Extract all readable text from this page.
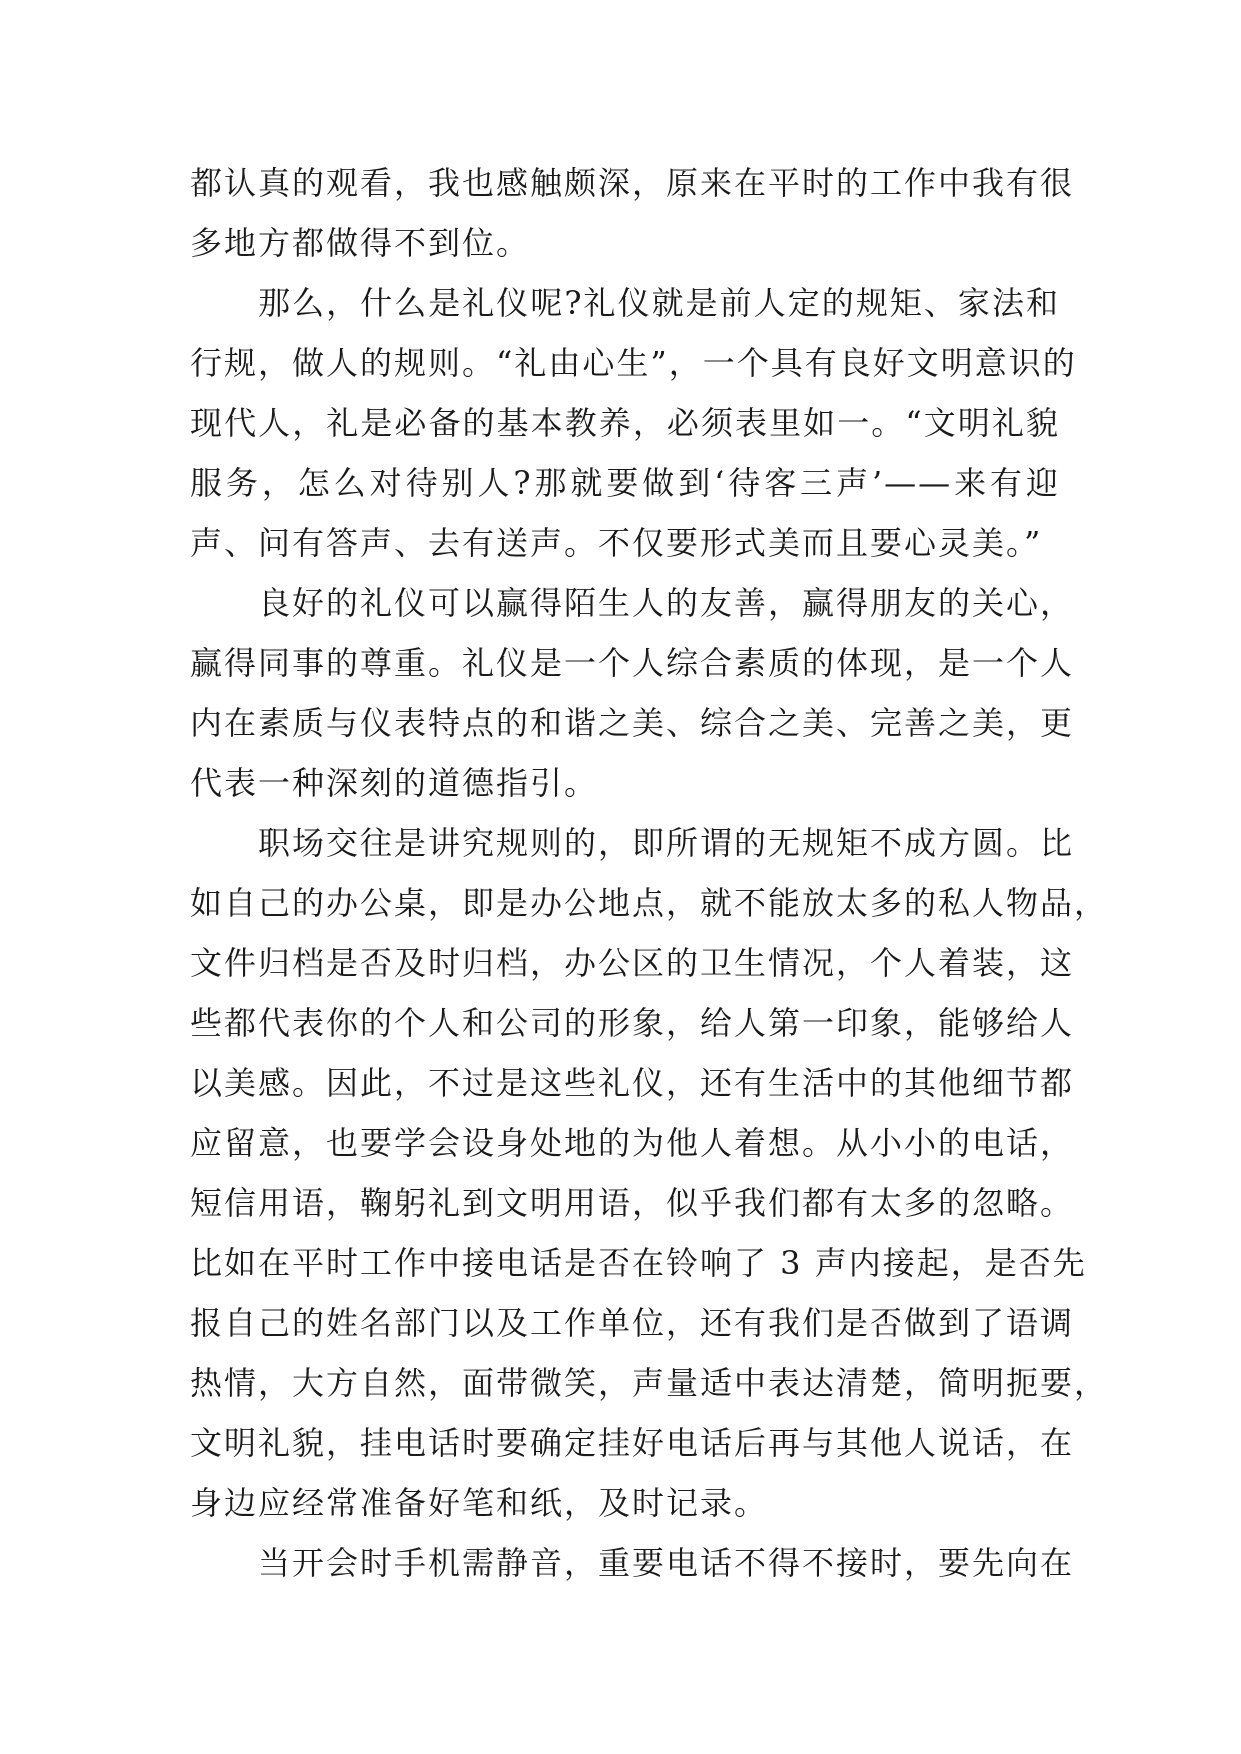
都认真的观看，我也感触颇深，原来在平时的工作中我有很
多地方都做得不到位。
　　那么，什么是礼仪呢?礼仪就是前人定的规矩、家法和
行规，做人的规则。“礼由心生”，一个具有良好文明意识的
现代人，礼是必备的基本教养，必须表里如一。“文明礼貌
服务，怎么对待别人?那就要做到‘待客三声’——来有迎
声、问有答声、去有送声。不仅要形式美而且要心灵美。”
　　良好的礼仪可以赢得陌生人的友善，赢得朋友的关心，
赢得同事的尊重。礼仪是一个人综合素质的体现，是一个人
内在素质与仪表特点的和谐之美、综合之美、完善之美，更
代表一种深刻的道德指引。
　　职场交往是讲究规则的，即所谓的无规矩不成方圆。比
如自己的办公桌，即是办公地点，就不能放太多的私人物品，
文件归档是否及时归档，办公区的卫生情况，个人着装，这
些都代表你的个人和公司的形象，给人第一印象，能够给人
以美感。因此，不过是这些礼仪，还有生活中的其他细节都
应留意，也要学会设身处地的为他人着想。从小小的电话，
短信用语，鞠躬礼到文明用语，似乎我们都有太多的忽略。
比如在平时工作中接电话是否在铃响了 3 声内接起，是否先
报自己的姓名部门以及工作单位，还有我们是否做到了语调
热情，大方自然，面带微笑，声量适中表达清楚，简明扼要，
文明礼貌，挂电话时要确定挂好电话后再与其他人说话，在
身边应经常准备好笔和纸，及时记录。
　　当开会时手机需静音，重要电话不得不接时，要先向在
